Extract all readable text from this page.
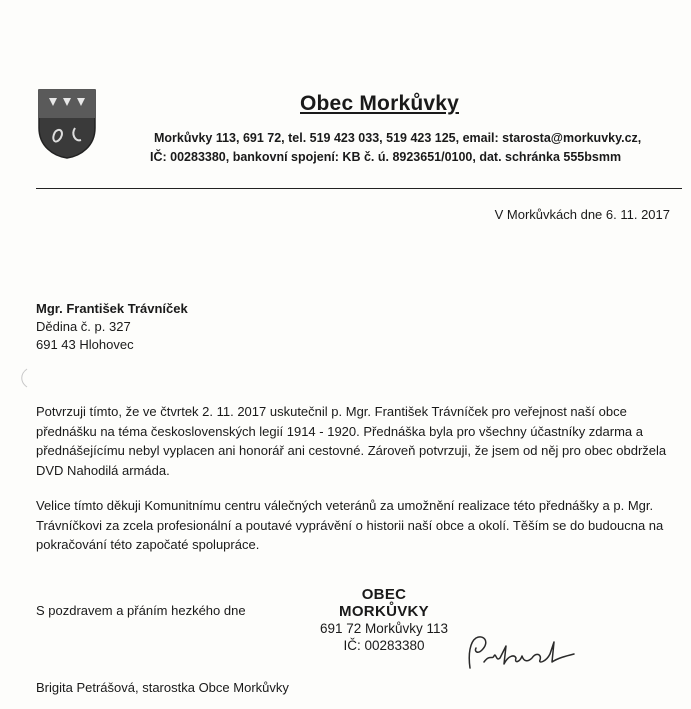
Obec Morkůvky
Morkůvky 113, 691 72, tel. 519 423 033, 519 423 125, email: starosta@morkuvky.cz,
IČ: 00283380, bankovní spojení: KB č. ú. 8923651/0100, dat. schránka 555bsmm
V Morkůvkách dne 6. 11. 2017
Mgr. František Trávníček
Dědina č. p. 327
691 43 Hlohovec

Potvrzuji tímto, že ve čtvrtek 2. 11. 2017 uskutečnil p. Mgr. František Trávníček pro veřejnost naší obce přednášku na téma československých legií 1914 - 1920. Přednáška byla pro všechny účastníky zdarma a přednášejícímu nebyl vyplacen ani honorář ani cestovné. Zároveň potvrzuji, že jsem od něj pro obec obdržela DVD Nahodilá armáda.

Velice tímto děkuji Komunitnímu centru válečných veteránů za umožnění realizace této přednášky a p. Mgr. Trávníčkovi za zcela profesionální a poutavé vyprávění o historii naší obce a okolí. Těším se do budoucna na pokračování této započaté spolupráce.

S pozdravem a přáním hezkého dne
OBEC MORKŮVKY
691 72 Morkůvky 113
IČ: 00283380
Brigita Petrášová, starostka Obce Morkůvky
